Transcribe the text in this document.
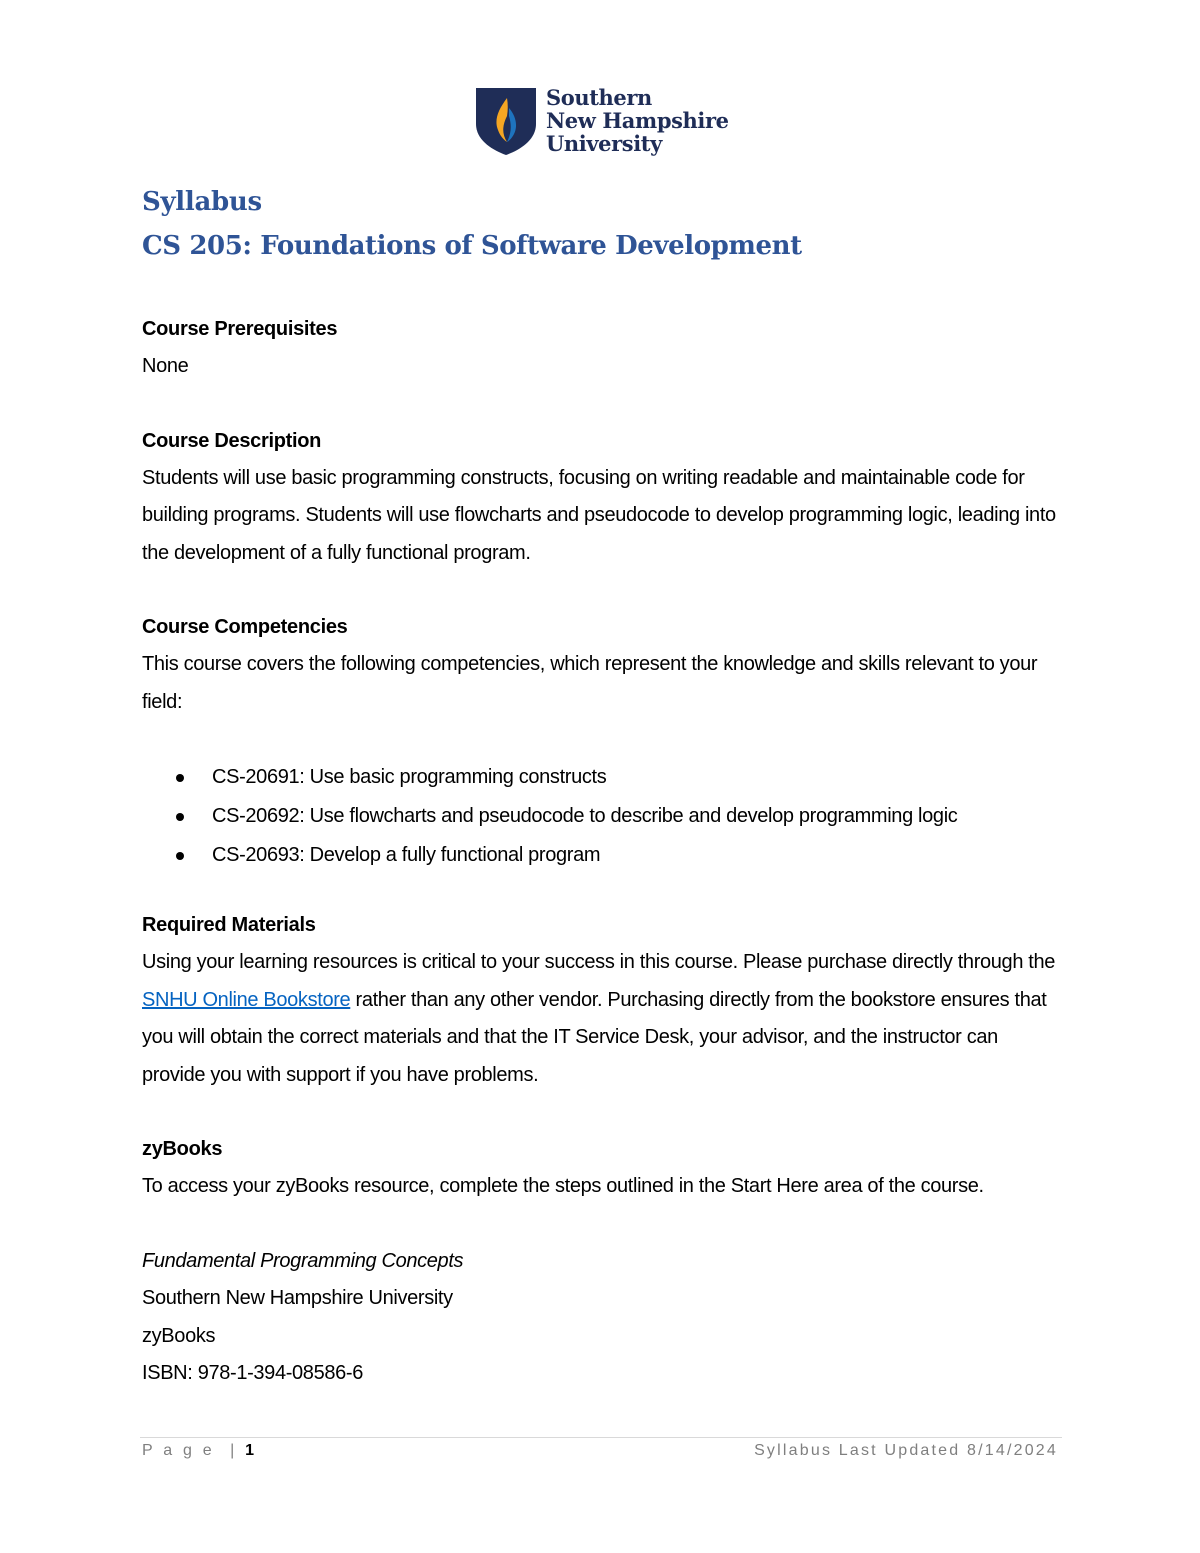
Southern
New Hampshire
University
Syllabus
CS 205: Foundations of Software Development
Course Prerequisites

None

Course Description

Students will use basic programming constructs, focusing on writing readable and maintainable code for building programs. Students will use flowcharts and pseudocode to develop programming logic, leading into the development of a fully functional program.

Course Competencies

This course covers the following competencies, which represent the knowledge and skills relevant to your field:

CS-20691: Use basic programming constructs
CS-20692: Use flowcharts and pseudocode to describe and develop programming logic
CS-20693: Develop a fully functional program
Required Materials

Using your learning resources is critical to your success in this course. Please purchase directly through the SNHU Online Bookstore rather than any other vendor. Purchasing directly from the bookstore ensures that you will obtain the correct materials and that the IT Service Desk, your advisor, and the instructor can provide you with support if you have problems.

zyBooks

To access your zyBooks resource, complete the steps outlined in the Start Here area of the course.

Fundamental Programming Concepts

Southern New Hampshire University

zyBooks

ISBN: 978-1-394-08586-6

P a g e  | 1	Syllabus Last Updated 8/14/2024
